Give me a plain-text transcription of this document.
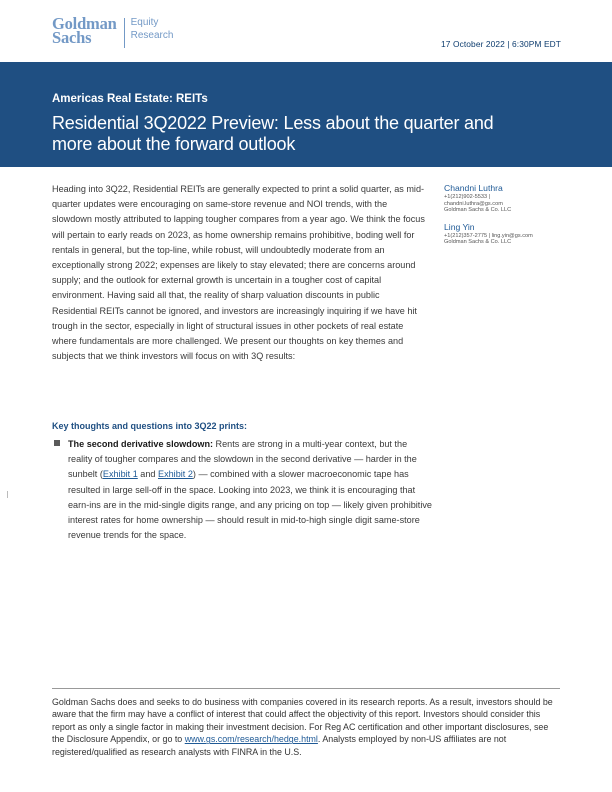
Goldman
Sachs
Equity
Research
17 October 2022 | 6:30PM EDT
Americas Real Estate: REITs
Residential 3Q2022 Preview: Less about the quarter and more about the forward outlook
Heading into 3Q22, Residential REITs are generally expected to print a solid quarter, as mid-quarter updates were encouraging on same-store revenue and NOI trends, with the slowdown mostly attributed to lapping tougher compares from a year ago. We think the focus will pertain to early reads on 2023, as home ownership remains prohibitive, boding well for rentals in general, but the top-line, while robust, will undoubtedly moderate from an exceptionally strong 2022; expenses are likely to stay elevated; there are concerns around supply; and the outlook for external growth is uncertain in a tougher cost of capital environment. Having said all that, the reality of sharp valuation discounts in public Residential REITs cannot be ignored, and investors are increasingly inquiring if we have hit trough in the sector, especially in light of structural issues in other pockets of real estate where fundamentals are more challenged. We present our thoughts on key themes and subjects that we think investors will focus on with 3Q results:
Chandni Luthra
+1(212)902-5533 |
chandni.luthra@gs.com
Goldman Sachs & Co. LLC
Ling Yin
+1(212)357-2775 | ling.yin@gs.com
Goldman Sachs & Co. LLC
Key thoughts and questions into 3Q22 prints:
The second derivative slowdown: Rents are strong in a multi-year context, but the reality of tougher compares and the slowdown in the second derivative — harder in the sunbelt (Exhibit 1 and Exhibit 2) — combined with a slower macroeconomic tape has resulted in large sell-off in the space. Looking into 2023, we think it is encouraging that earn-ins are in the mid-single digits range, and any pricing on top — likely given prohibitive interest rates for home ownership — should result in mid-to-high single digit same-store revenue trends for the space.
Goldman Sachs does and seeks to do business with companies covered in its research reports. As a result, investors should be aware that the firm may have a conflict of interest that could affect the objectivity of this report. Investors should consider this report as only a single factor in making their investment decision. For Reg AC certification and other important disclosures, see the Disclosure Appendix, or go to www.gs.com/research/hedge.html. Analysts employed by non-US affiliates are not registered/qualified as research analysts with FINRA in the U.S.
